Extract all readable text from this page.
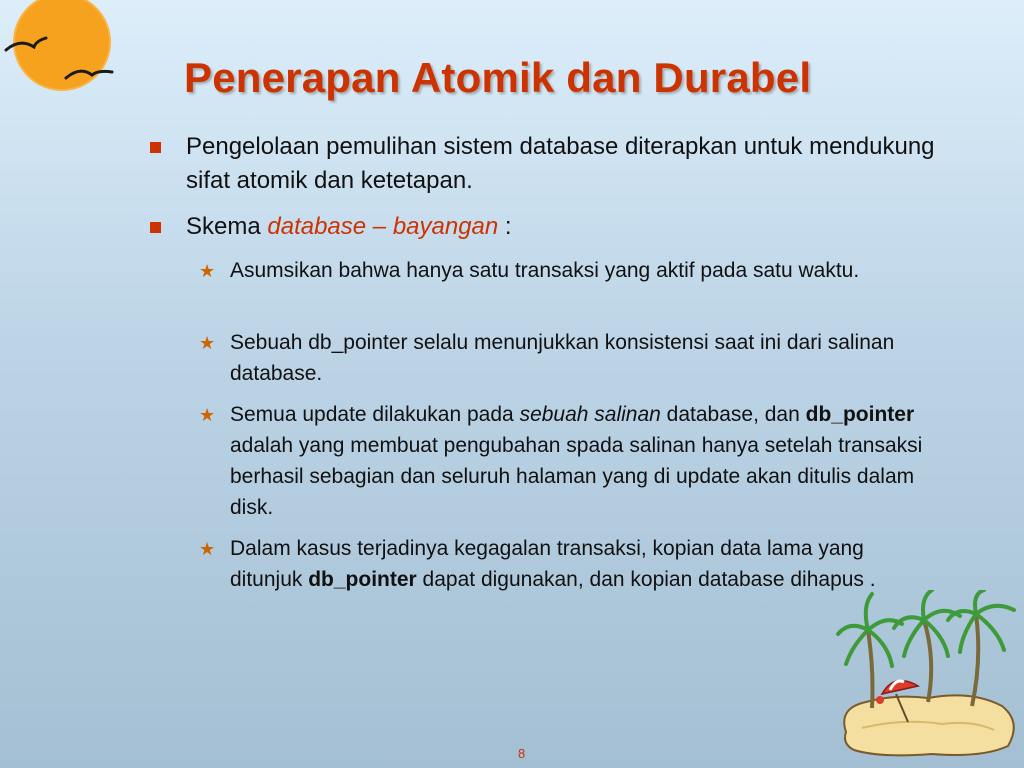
Penerapan Atomik dan Durabel
Pengelolaan pemulihan sistem database diterapkan untuk mendukung sifat atomik dan ketetapan.
Skema database – bayangan :
★ Asumsikan bahwa hanya satu transaksi yang aktif pada satu waktu.
★ Sebuah db_pointer selalu menunjukkan konsistensi saat ini dari salinan database.
★ Semua update dilakukan pada sebuah salinan database, dan db_pointer adalah yang membuat pengubahan spada salinan hanya setelah transaksi berhasil sebagian dan seluruh halaman yang di update akan ditulis dalam disk.
★ Dalam kasus terjadinya kegagalan transaksi, kopian data lama yang ditunjuk db_pointer dapat digunakan, dan kopian database dihapus .
8
